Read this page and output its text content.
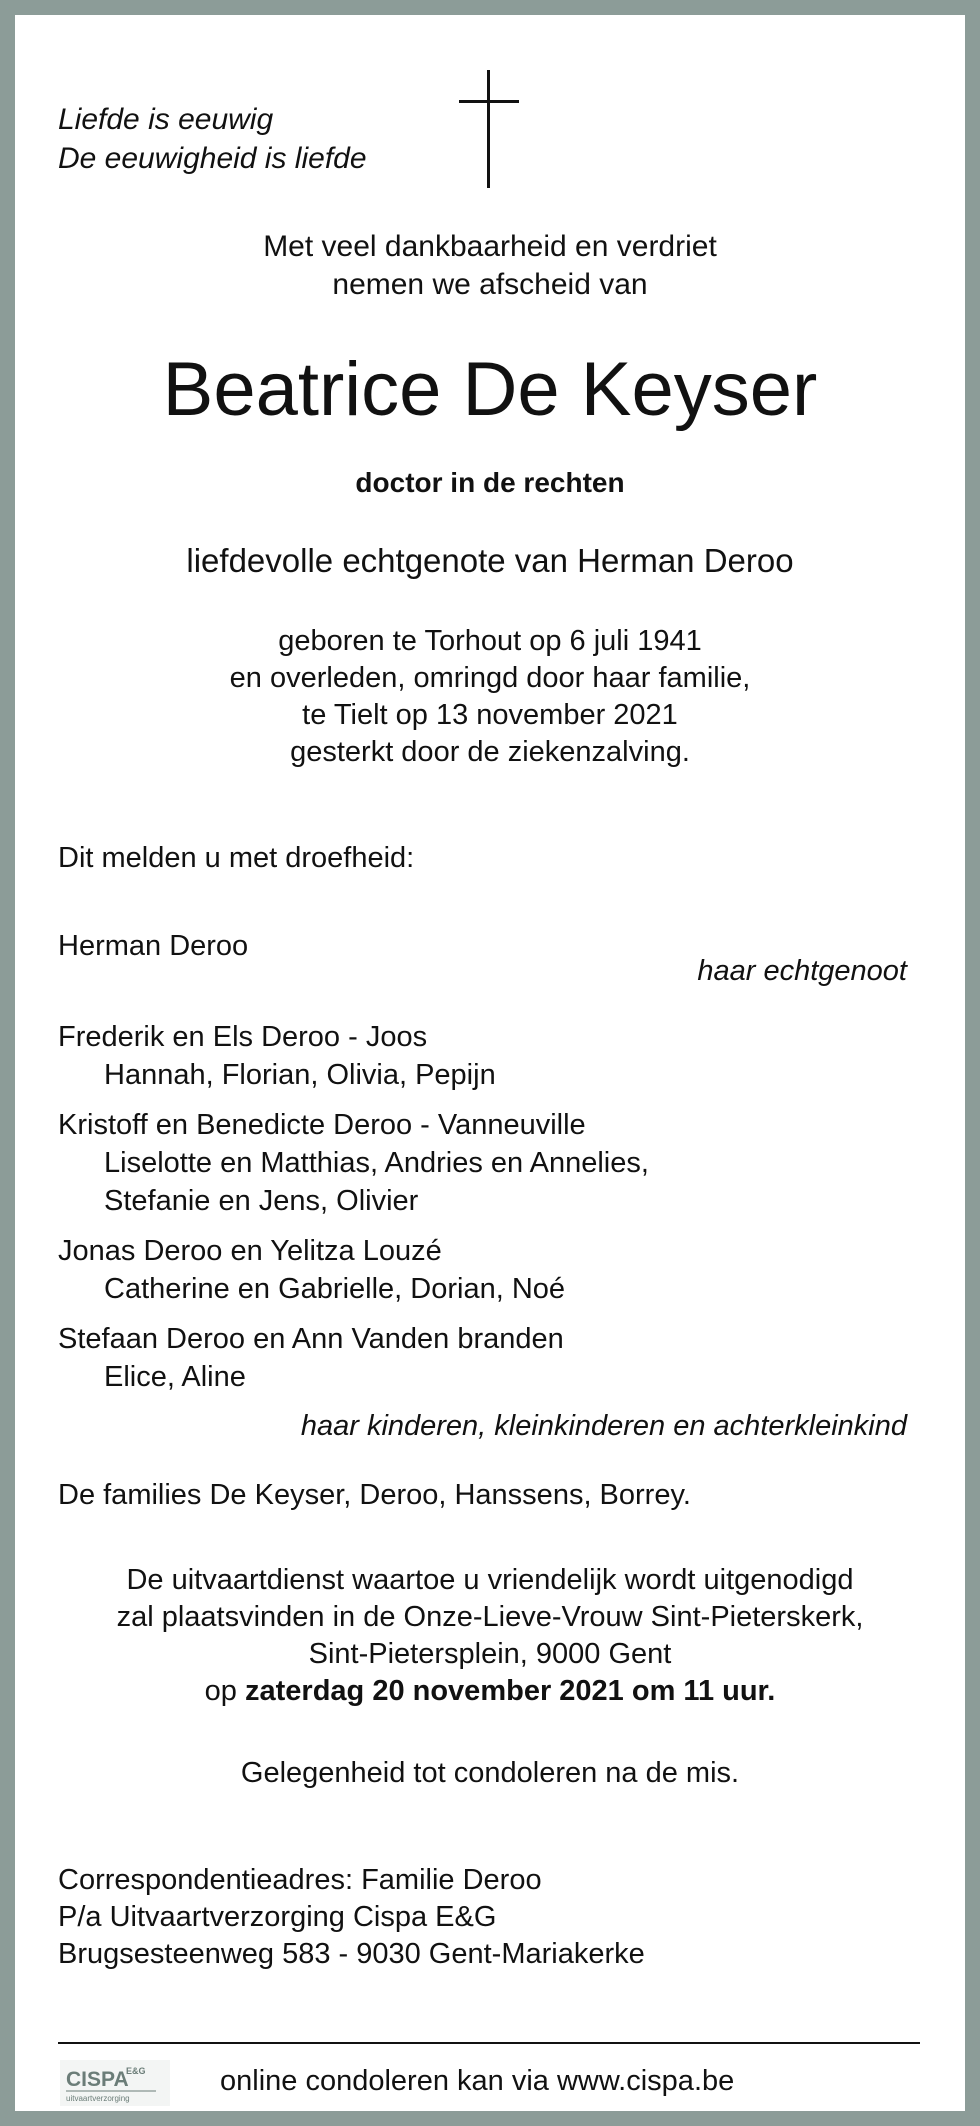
Liefde is eeuwig
De eeuwigheid is liefde
Met veel dankbaarheid en verdriet
nemen we afscheid van
Beatrice De Keyser
doctor in de rechten
liefdevolle echtgenote van Herman Deroo
geboren te Torhout op 6 juli 1941
en overleden, omringd door haar familie,
te Tielt op 13 november 2021
gesterkt door de ziekenzalving.
Dit melden u met droefheid:
Herman Deroo
haar echtgenoot
Frederik en Els Deroo - Joos
Hannah, Florian, Olivia, Pepijn
Kristoff en Benedicte Deroo - Vanneuville
Liselotte en Matthias, Andries en Annelies,
Stefanie en Jens, Olivier
Jonas Deroo en Yelitza Louzé
Catherine en Gabrielle, Dorian, Noé
Stefaan Deroo en Ann Vanden branden
Elice, Aline
haar kinderen, kleinkinderen en achterkleinkind
De families De Keyser, Deroo, Hanssens, Borrey.
De uitvaartdienst waartoe u vriendelijk wordt uitgenodigd
zal plaatsvinden in de Onze-Lieve-Vrouw Sint-Pieterskerk,
Sint-Pietersplein, 9000 Gent
op zaterdag 20 november 2021 om 11 uur.
Gelegenheid tot condoleren na de mis.
Correspondentieadres: Familie Deroo
P/a Uitvaartverzorging Cispa E&G
Brugsesteenweg 583 - 9030 Gent-Mariakerke
CISPA
E&G
uitvaartverzorging
online condoleren kan via www.cispa.be
